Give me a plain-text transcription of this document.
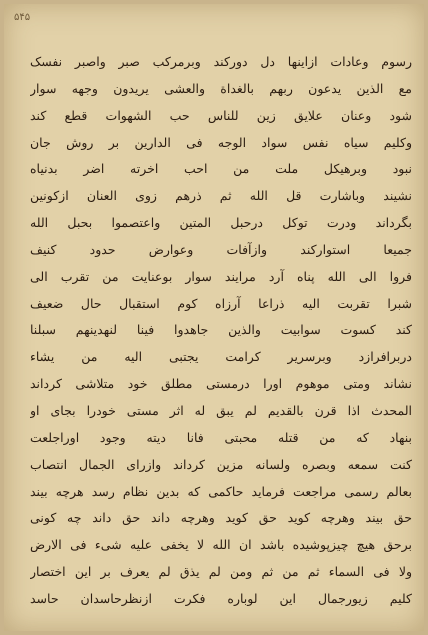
۵۴۵
رسوم وعادات ازاینها دل دورکند وبرمرکب صبر واصبر نفسک
مع الذین یدعون ربهم بالغداة والعشی یریدون وجهه سوار
شود وعنان علایق زین للناس حب الشهوات قطع کند
وکلیم سیاه نفس سواد الوجه فی الدارین بر روش جان
نبود وبرهیکل ملت من احب اخرته اضر بدنیاه
نشیند وباشارت قل الله ثم ذرهم زوی العنان ازکونین
بگرداند ودرت توکل درحبل المتین واعتصموا بحبل الله
جمیعا استوارکند وازآفات وعوارض حدود کنیف
فروا الی الله پناه آرد مرایند سوار بوعنایت من تقرب الی
شبرا تقربت الیه ذراعا آرزاه کوم استقبال حال ضعیف
کند کسوت سوابیت والذین جاهدوا فینا لنهدینهم سبلنا
دربرافرازد وبرسریر کرامت یجتبی الیه من یشاء
نشاند ومتی موهوم اورا درمستی مطلق خود متلاشی کرداند
المحدث اذا قرن بالقدیم لم یبق له اثر مستی خودرا بجای او
بنهاد که من قتله محبتی فانا دیته وجود اوراجلعت
کنت سمعه وبصره ولسانه مزین کرداند وازرای الجمال انتصاب
بعالم رسمی مراجعت فرماید حاکمی که بدین نظام رسد هرچه بیند
حق بیند وهرچه کوید حق کوید وهرچه داند حق داند چه کونی
برحق هیچ چیزپوشیده باشد ان الله لا یخفی علیه شیء فی الارض
ولا فی السماء ثم من ثم ومن لم یذق لم یعرف بر این اختصار
کلیم زیورجمال این لوباره فکرت ازنظرحاسدان حاسد
